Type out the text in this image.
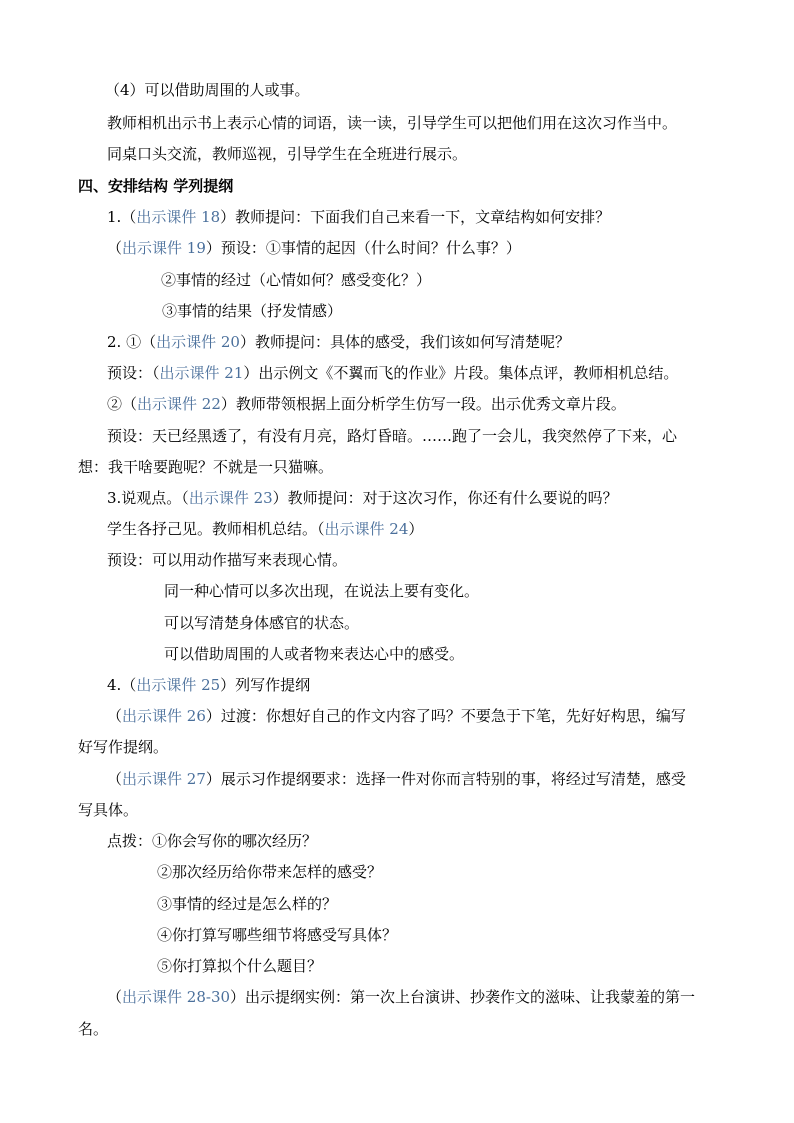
（4）可以借助周围的人或事。
教师相机出示书上表示心情的词语，读一读，引导学生可以把他们用在这次习作当中。
同桌口头交流，教师巡视，引导学生在全班进行展示。
四、安排结构 学列提纲
1.（出示课件 18）教师提问：下面我们自己来看一下，文章结构如何安排？
（出示课件 19）预设：①事情的起因（什么时间？什么事？）
②事情的经过（心情如何？感受变化？）
③事情的结果（抒发情感）
2. ①（出示课件 20）教师提问：具体的感受，我们该如何写清楚呢？
预设：（出示课件 21）出示例文《不翼而飞的作业》片段。集体点评，教师相机总结。
②（出示课件 22）教师带领根据上面分析学生仿写一段。出示优秀文章片段。
预设：天已经黑透了，有没有月亮，路灯昏暗。……跑了一会儿，我突然停了下来，心
想：我干啥要跑呢？不就是一只猫嘛。
3.说观点。（出示课件 23）教师提问：对于这次习作，你还有什么要说的吗？
学生各抒己见。教师相机总结。（出示课件 24）
预设：可以用动作描写来表现心情。
同一种心情可以多次出现，在说法上要有变化。
可以写清楚身体感官的状态。
可以借助周围的人或者物来表达心中的感受。
4.（出示课件 25）列写作提纲
（出示课件 26）过渡：你想好自己的作文内容了吗？不要急于下笔，先好好构思，编写
好写作提纲。
（出示课件 27）展示习作提纲要求：选择一件对你而言特别的事，将经过写清楚，感受
写具体。
点拨：①你会写你的哪次经历？
②那次经历给你带来怎样的感受？
③事情的经过是怎么样的？
④你打算写哪些细节将感受写具体？
⑤你打算拟个什么题目？
（出示课件 28-30）出示提纲实例：第一次上台演讲、抄袭作文的滋味、让我蒙羞的第一
名。
